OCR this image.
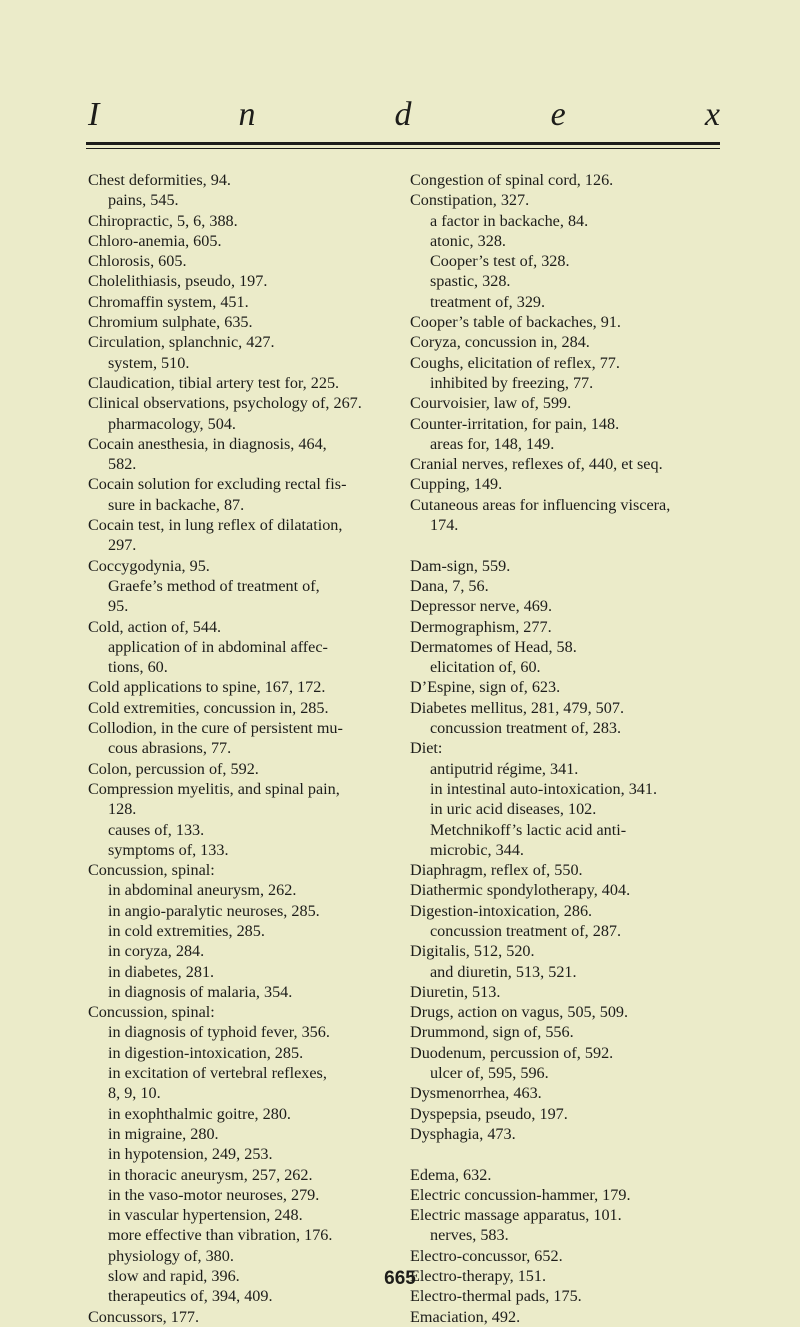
I	n	d	e	x
Chest deformities, 94.
pains, 545.
Chiropractic, 5, 6, 388.
Chloro-anemia, 605.
Chlorosis, 605.
Cholelithiasis, pseudo, 197.
Chromaffin system, 451.
Chromium sulphate, 635.
Circulation, splanchnic, 427.
system, 510.
Claudication, tibial artery test for, 225.
Clinical observations, psychology of, 267.
pharmacology, 504.
Cocain anesthesia, in diagnosis, 464,
582.
Cocain solution for excluding rectal fis-
sure in backache, 87.
Cocain test, in lung reflex of dilatation,
297.
Coccygodynia, 95.
Graefe’s method of treatment of,
95.
Cold, action of, 544.
application of in abdominal affec-
tions, 60.
Cold applications to spine, 167, 172.
Cold extremities, concussion in, 285.
Collodion, in the cure of persistent mu-
cous abrasions, 77.
Colon, percussion of, 592.
Compression myelitis, and spinal pain,
128.
causes of, 133.
symptoms of, 133.
Concussion, spinal:
in abdominal aneurysm, 262.
in angio-paralytic neuroses, 285.
in cold extremities, 285.
in coryza, 284.
in diabetes, 281.
in diagnosis of malaria, 354.
Concussion, spinal:
in diagnosis of typhoid fever, 356.
in digestion-intoxication, 285.
in excitation of vertebral reflexes,
8, 9, 10.
in exophthalmic goitre, 280.
in migraine, 280.
in hypotension, 249, 253.
in thoracic aneurysm, 257, 262.
in the vaso-motor neuroses, 279.
in vascular hypertension, 248.
more effective than vibration, 176.
physiology of, 380.
slow and rapid, 396.
therapeutics of, 394, 409.
Concussors, 177.
Congestion of spinal cord, 126.
Constipation, 327.
a factor in backache, 84.
atonic, 328.
Cooper’s test of, 328.
spastic, 328.
treatment of, 329.
Cooper’s table of backaches, 91.
Coryza, concussion in, 284.
Coughs, elicitation of reflex, 77.
inhibited by freezing, 77.
Courvoisier, law of, 599.
Counter-irritation, for pain, 148.
areas for, 148, 149.
Cranial nerves, reflexes of, 440, et seq.
Cupping, 149.
Cutaneous areas for influencing viscera,
174.
Dam-sign, 559.
Dana, 7, 56.
Depressor nerve, 469.
Dermographism, 277.
Dermatomes of Head, 58.
elicitation of, 60.
D’Espine, sign of, 623.
Diabetes mellitus, 281, 479, 507.
concussion treatment of, 283.
Diet:
antiputrid régime, 341.
in intestinal auto-intoxication, 341.
in uric acid diseases, 102.
Metchnikoff’s lactic acid anti-
microbic, 344.
Diaphragm, reflex of, 550.
Diathermic spondylotherapy, 404.
Digestion-intoxication, 286.
concussion treatment of, 287.
Digitalis, 512, 520.
and diuretin, 513, 521.
Diuretin, 513.
Drugs, action on vagus, 505, 509.
Drummond, sign of, 556.
Duodenum, percussion of, 592.
ulcer of, 595, 596.
Dysmenorrhea, 463.
Dyspepsia, pseudo, 197.
Dysphagia, 473.
Edema, 632.
Electric concussion-hammer, 179.
Electric massage apparatus, 101.
nerves, 583.
Electro-concussor, 652.
Electro-therapy, 151.
Electro-thermal pads, 175.
Emaciation, 492.
665
